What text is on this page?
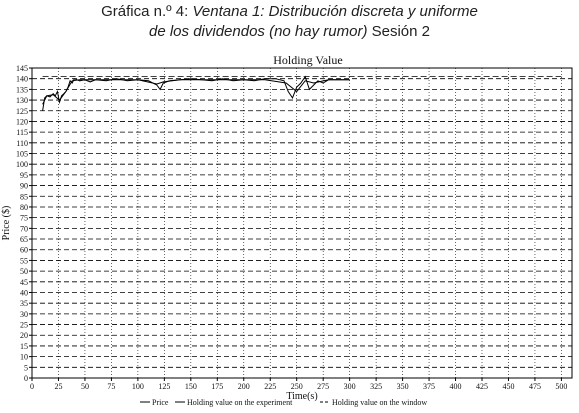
Gráfica n.º 4: Ventana 1: Distribución discreta y uniforme
de los dividendos (no hay rumor) Sesión 2
Holding Value
0
5
10
15
20
25
30
35
40
45
50
55
60
65
70
75
80
85
90
95
100
105
110
115
120
125
130
135
140
145
0	25 50 75 100 125 150 175 200 225 250 275 300 325 350 375 400 425 450 475 500
Price ($)
Time(s)
Price Holding value on the experiment	Holding value on the window
